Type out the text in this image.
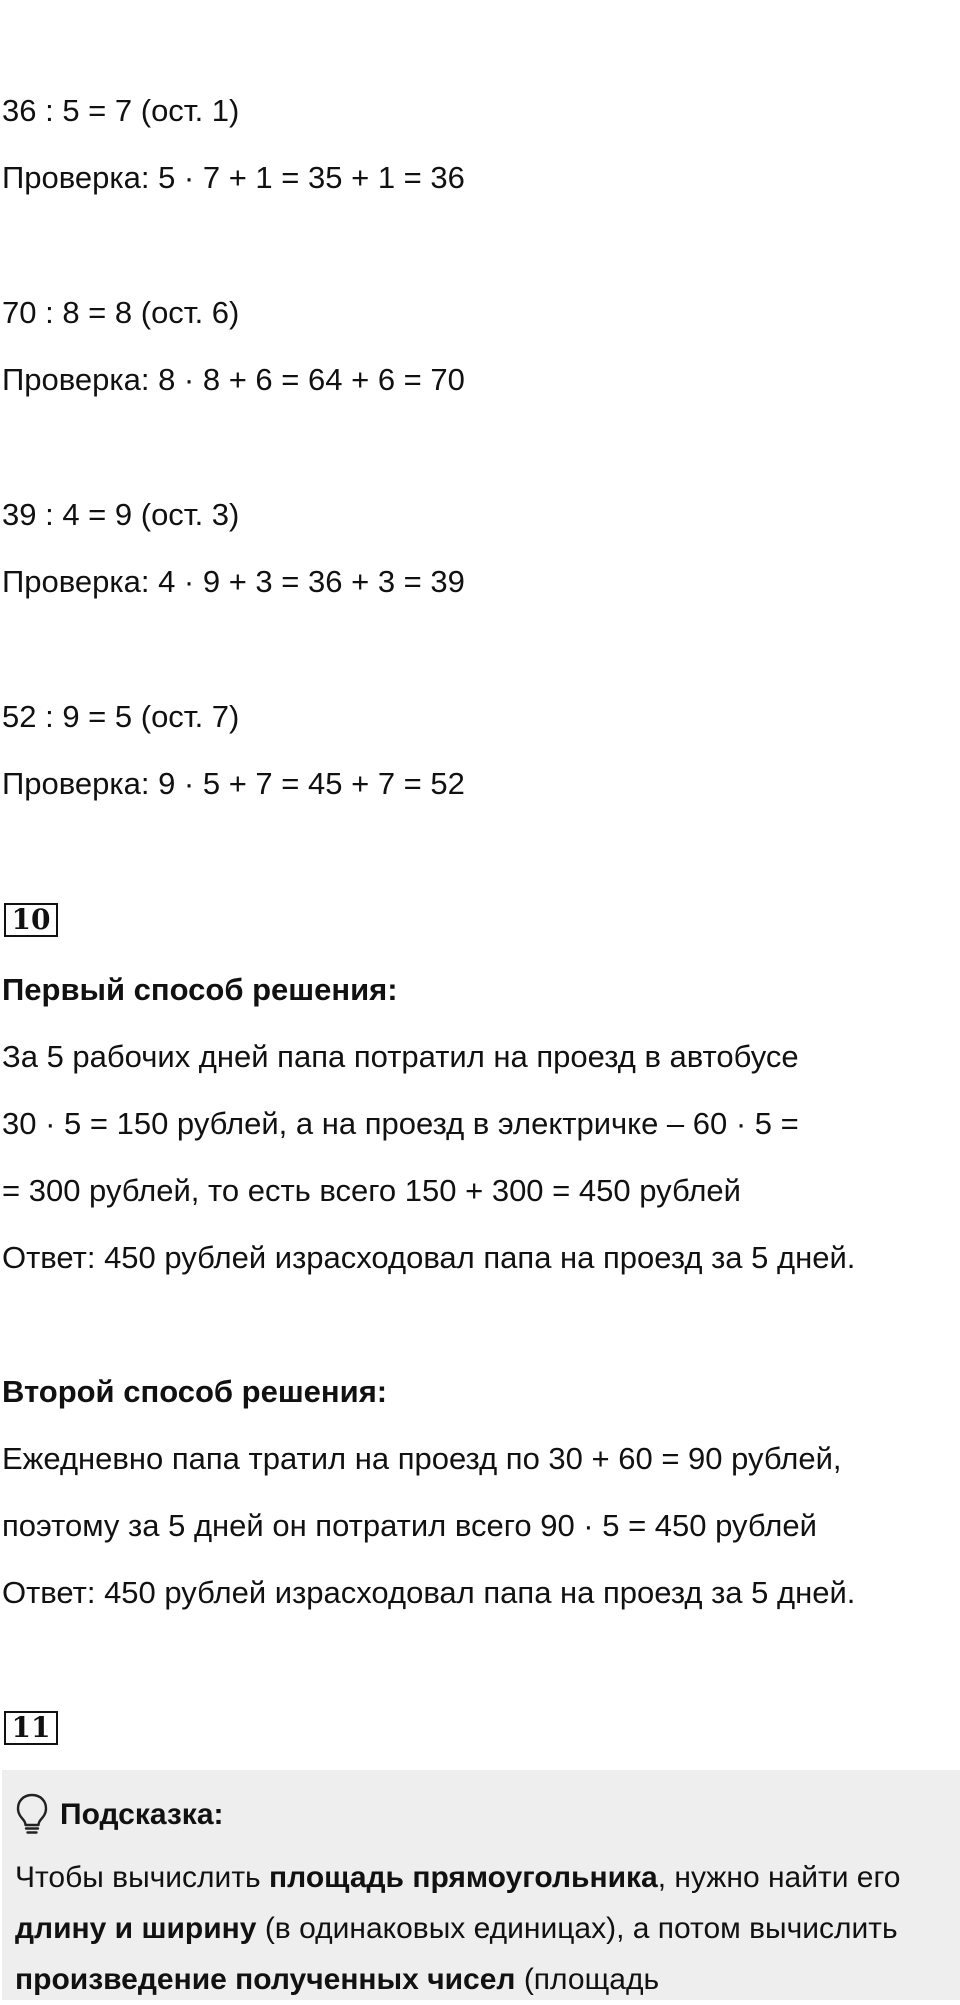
36 : 5 = 7 (ост. 1)
Проверка: 5 · 7 + 1 = 35 + 1 = 36
70 : 8 = 8 (ост. 6)
Проверка: 8 · 8 + 6 = 64 + 6 = 70
39 : 4 = 9 (ост. 3)
Проверка: 4 · 9 + 3 = 36 + 3 = 39
52 : 9 = 5 (ост. 7)
Проверка: 9 · 5 + 7 = 45 + 7 = 52
10
Первый способ решения:
За 5 рабочих дней папа потратил на проезд в автобусе
30 · 5 = 150 рублей, а на проезд в электричке – 60 · 5 =
= 300 рублей, то есть всего 150 + 300 = 450 рублей
Ответ: 450 рублей израсходовал папа на проезд за 5 дней.
Второй способ решения:
Ежедневно папа тратил на проезд по 30 + 60 = 90 рублей,
поэтому за 5 дней он потратил всего 90 · 5 = 450 рублей
Ответ: 450 рублей израсходовал папа на проезд за 5 дней.
11
Подсказка:
Чтобы вычислить площадь прямоугольника, нужно найти его длину и ширину (в одинаковых единицах), а потом вычислить произведение полученных чисел (площадь
